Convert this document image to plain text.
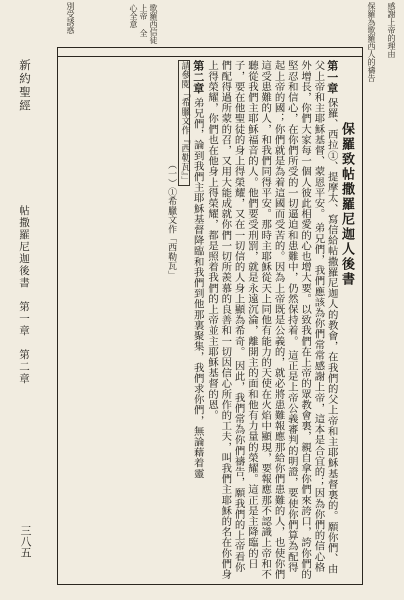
感謝上帝的理由
保羅為歌羅西人的禱告
歌羅西信徒 上帝 全心全意
別受誘惑
新約聖經
帖撒羅尼迦後書　第一章　第二章
三八五
保羅致帖撒羅尼迦人後書
第一章 保羅、西拉①、提摩太、寫信給帖撒羅尼迦人的教會，在我們的父上帝和主耶穌基督裏的。願你們、由父上帝和主耶穌基督、蒙恩平安。 弟兄們，我們應該為你們常常感謝上帝，這本是合宜的；因為你們的信心格外增長，你們大家每一個人彼此相愛的心也增大要。以致我們在上帝的眾教會裏，親自拿你們來誇口，誇你們的堅忍和信心，在你們所受的一切逼迫和患難中，仍然保持着。 這正是上帝公義審判的明證，要使你們算為配得起上帝的國；你們就是為着這國而受苦的。因為上帝既是公義的，就必將患難報應那給你們患難的人，也使你們這受患難的人，和我們同得平安。那時主耶穌從天上同他有能力的天使在火焰中顯現，要報應那不認識上帝和不聽從我們主耶穌福音的人。他們要受刑罰，就是永遠沉淪，離開主的面和他有力量的榮耀。這正是主降臨的日子，要在他聖徒的身上得榮耀，又在一切信的人身上顯為希奇。 因此，我們常為你們禱告，願我們的上帝看你們配得過所蒙的召，又用大能成就你們一切所羨慕的良善和一切因信心所作的工夫，叫我們主耶穌的名在你們身上得榮耀，你們也在他身上得榮耀，都是照着我們的上帝並主耶穌基督的恩。
第二章 弟兄們，論到我們主耶穌基督降臨和我們到他那裏聚集，我們求你們，無論藉着靈
請參閱「希臘文作『西勒瓦』」
（一）①希臘文作「西勒瓦」
